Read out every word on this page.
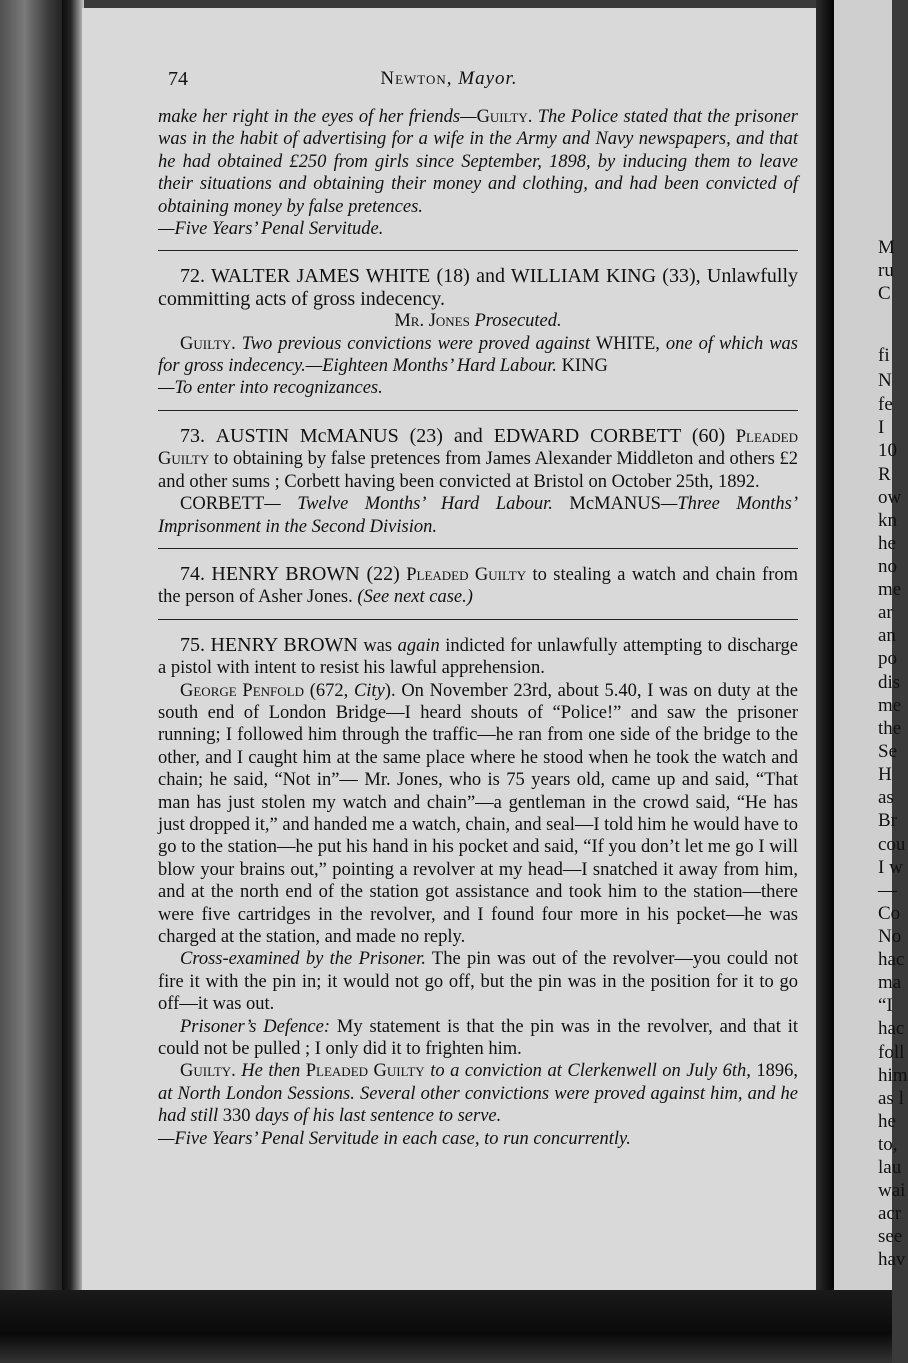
M
ru
C
fi
N
fe
I
10
R
ow
kn
he
no
me
ar
an
po
dis
me
the
Se
H
as
Br
cou
I w
—
Co
No
hac
ma
“I
hac
foll
him
as l
he
to,
lau
wai
acr
see
hav
74	Newton, Mayor.

make her right in the eyes of her friends—Guilty. The Police stated that the prisoner was in the habit of advertising for a wife in the Army and Navy newspapers, and that he had obtained £250 from girls since September, 1898, by inducing them to leave their situations and obtaining their money and clothing, and had been convicted of obtaining money by false pretences.
—Five Years’ Penal Servitude.

72. WALTER JAMES WHITE (18) and WILLIAM KING (33), Unlawfully committing acts of gross indecency.

Mr. Jones Prosecuted.

Guilty. Two previous convictions were proved against WHITE, one of which was for gross indecency.—Eighteen Months’ Hard Labour. KING
—To enter into recognizances.

73. AUSTIN McMANUS (23) and EDWARD CORBETT (60) Pleaded Guilty to obtaining by false pretences from James Alexander Middleton and others £2 and other sums ; Corbett having been convicted at Bristol on October 25th, 1892.

CORBETT— Twelve Months’ Hard Labour. McMANUS—Three Months’ Imprisonment in the Second Division.

74. HENRY BROWN (22) Pleaded Guilty to stealing a watch and chain from the person of Asher Jones. (See next case.)

75. HENRY BROWN was again indicted for unlawfully attempting to discharge a pistol with intent to resist his lawful apprehension.

George Penfold (672, City). On November 23rd, about 5.40, I was on duty at the south end of London Bridge—I heard shouts of “Police!” and saw the prisoner running; I followed him through the traffic—he ran from one side of the bridge to the other, and I caught him at the same place where he stood when he took the watch and chain; he said, “Not in”— Mr. Jones, who is 75 years old, came up and said, “That man has just stolen my watch and chain”—a gentleman in the crowd said, “He has just dropped it,” and handed me a watch, chain, and seal—I told him he would have to go to the station—he put his hand in his pocket and said, “If you don’t let me go I will blow your brains out,” pointing a revolver at my head—I snatched it away from him, and at the north end of the station got assistance and took him to the station—there were five cartridges in the revolver, and I found four more in his pocket—he was charged at the station, and made no reply.

Cross-examined by the Prisoner. The pin was out of the revolver—you could not fire it with the pin in; it would not go off, but the pin was in the position for it to go off—it was out.

Prisoner’s Defence: My statement is that the pin was in the revolver, and that it could not be pulled ; I only did it to frighten him.

Guilty. He then Pleaded Guilty to a conviction at Clerkenwell on July 6th, 1896, at North London Sessions. Several other convictions were proved against him, and he had still 330 days of his last sentence to serve.
—Five Years’ Penal Servitude in each case, to run concurrently.
